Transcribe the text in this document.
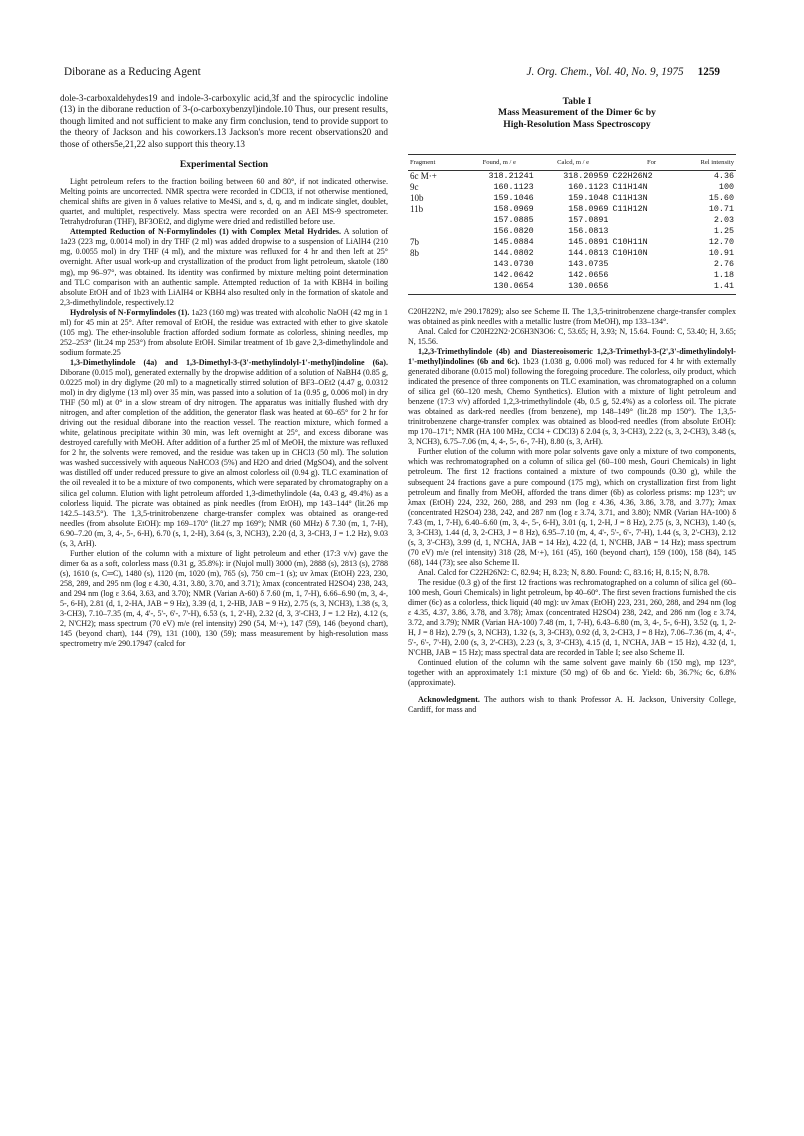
Diborane as a Reducing Agent	J. Org. Chem., Vol. 40, No. 9, 1975 1259

dole-3-carboxaldehydes19 and indole-3-carboxylic acid,3f and the spirocyclic indoline (13) in the diborane reduction of 3-(o-carboxybenzyl)indole.10 Thus, our present results, though limited and not sufficient to make any firm conclusion, tend to provide support to the theory of Jackson and his coworkers.13 Jackson's more recent observations20 and those of others5e,21,22 also support this theory.13

Experimental Section

Light petroleum refers to the fraction boiling between 60 and 80°, if not indicated otherwise. Melting points are uncorrected. NMR spectra were recorded in CDCl3, if not otherwise mentioned, chemical shifts are given in δ values relative to Me4Si, and s, d, q, and m indicate singlet, doublet, quartet, and multiplet, respectively. Mass spectra were recorded on an AEI MS-9 spectrometer. Tetrahydrofuran (THF), BF3OEt2, and diglyme were dried and redistilled before use.

Attempted Reduction of N-Formylindoles (1) with Complex Metal Hydrides. A solution of 1a23 (223 mg, 0.0014 mol) in dry THF (2 ml) was added dropwise to a suspension of LiAlH4 (210 mg, 0.0055 mol) in dry THF (4 ml), and the mixture was refluxed for 4 hr and then left at 25° overnight. After usual work-up and crystallization of the product from light petroleum, skatole (180 mg), mp 96–97°, was obtained. Its identity was confirmed by mixture melting point determination and TLC comparison with an authentic sample. Attempted reduction of 1a with KBH4 in boiling absolute EtOH and of 1b23 with LiAlH4 or KBH4 also resulted only in the formation of skatole and 2,3-dimethylindole, respectively.12

Hydrolysis of N-Formylindoles (1). 1a23 (160 mg) was treated with alcoholic NaOH (42 mg in 1 ml) for 45 min at 25°. After removal of EtOH, the residue was extracted with ether to give skatole (105 mg). The ether-insoluble fraction afforded sodium formate as colorless, shining needles, mp 252–253° (lit.24 mp 253°) from absolute EtOH. Similar treatment of 1b gave 2,3-dimethylindole and sodium formate.25

1,3-Dimethylindole (4a) and 1,3-Dimethyl-3-(3'-methylindolyl-1'-methyl)indoline (6a). Diborane (0.015 mol), generated externally by the dropwise addition of a solution of NaBH4 (0.85 g, 0.0225 mol) in dry diglyme (20 ml) to a magnetically stirred solution of BF3–OEt2 (4.47 g, 0.0312 mol) in dry diglyme (13 ml) over 35 min, was passed into a solution of 1a (0.95 g, 0.006 mol) in dry THF (50 ml) at 0° in a slow stream of dry nitrogen. The apparatus was initially flushed with dry nitrogen, and after completion of the addition, the generator flask was heated at 60–65° for 2 hr for driving out the residual diborane into the reaction vessel. The reaction mixture, which formed a white, gelatinous precipitate within 30 min, was left overnight at 25°, and excess diborane was destroyed carefully with MeOH. After addition of a further 25 ml of MeOH, the mixture was refluxed for 2 hr, the solvents were removed, and the residue was taken up in CHCl3 (50 ml). The solution was washed successively with aqueous NaHCO3 (5%) and H2O and dried (MgSO4), and the solvent was distilled off under reduced pressure to give an almost colorless oil (0.94 g). TLC examination of the oil revealed it to be a mixture of two components, which were separated by chromatography on a silica gel column. Elution with light petroleum afforded 1,3-dimethylindole (4a, 0.43 g, 49.4%) as a colorless liquid. The picrate was obtained as pink needles (from EtOH), mp 143–144° (lit.26 mp 142.5–143.5°). The 1,3,5-trinitrobenzene charge-transfer complex was obtained as orange-red needles (from absolute EtOH): mp 169–170° (lit.27 mp 169°); NMR (60 MHz) δ 7.30 (m, 1, 7-H), 6.90–7.20 (m, 3, 4-, 5-, 6-H), 6.70 (s, 1, 2-H), 3.64 (s, 3, NCH3), 2.20 (d, 3, 3-CH3, J = 1.2 Hz), 9.03 (s, 3, ArH).

Further elution of the column with a mixture of light petroleum and ether (17:3 v/v) gave the dimer 6a as a soft, colorless mass (0.31 g, 35.8%): ir (Nujol mull) 3000 (m), 2888 (s), 2813 (s), 2788 (s), 1610 (s, C═C), 1480 (s), 1120 (m, 1020 (m), 765 (s), 750 cm−1 (s); uv λmax (EtOH) 223, 230, 258, 289, and 295 nm (log ε 4.30, 4.31, 3.80, 3.70, and 3.71); λmax (concentrated H2SO4) 238, 243, and 294 nm (log ε 3.64, 3.63, and 3.70); NMR (Varian A-60) δ 7.60 (m, 1, 7-H), 6.66–6.90 (m, 3, 4-, 5-, 6-H), 2.81 (d, 1, 2-HA, JAB = 9 Hz), 3.39 (d, 1, 2-HB, JAB = 9 Hz), 2.75 (s, 3, NCH3), 1.38 (s, 3, 3-CH3), 7.10–7.35 (m, 4, 4'-, 5'-, 6'-, 7'-H), 6.53 (s, 1, 2'-H), 2.32 (d, 3, 3'-CH3, J = 1.2 Hz), 4.12 (s, 2, N'CH2); mass spectrum (70 eV) m/e (rel intensity) 290 (54, M·+), 147 (59), 146 (beyond chart), 145 (beyond chart), 144 (79), 131 (100), 130 (59); mass measurement by high-resolution mass spectrometry m/e 290.17947 (calcd for

Table I

Mass Measurement of the Dimer 6c by

High-Resolution Mass Spectroscopy

Fragment	Found, m / e	Calcd, m / e	For	Rel intensity
6c M·+	318.21241	318.20959	C22H26N2	4.36
9c	160.1123	160.1123	C11H14N	100
10b	159.1046	159.1048	C11H13N	15.60
11b	158.0969	158.0969	C11H12N	10.71
	157.0885	157.0891		2.03
	156.0820	156.0813		1.25
7b	145.0884	145.0891	C10H11N	12.70
8b	144.0802	144.0813	C10H10N	10.91
	143.0730	143.0735		2.76
	142.0642	142.0656		1.18
	130.0654	130.0656		1.41

C20H22N2, m/e 290.17829); also see Scheme II. The 1,3,5-trinitrobenzene charge-transfer complex was obtained as pink needles with a metallic lustre (from MeOH), mp 133–134°.

Anal. Calcd for C20H22N2·2C6H3N3O6: C, 53.65; H, 3.93; N, 15.64. Found: C, 53.40; H, 3.65; N, 15.56.

1,2,3-Trimethylindole (4b) and Diastereoisomeric 1,2,3-Trimethyl-3-(2',3'-dimethylindolyl-1'-methyl)indolines (6b and 6c). 1b23 (1.038 g, 0.006 mol) was reduced for 4 hr with externally generated diborane (0.015 mol) following the foregoing procedure. The colorless, oily product, which indicated the presence of three components on TLC examination, was chromatographed on a column of silica gel (60–120 mesh, Chemo Synthetics). Elution with a mixture of light petroleum and benzene (17:3 v/v) afforded 1,2,3-trimethylindole (4b, 0.5 g, 52.4%) as a colorless oil. The picrate was obtained as dark-red needles (from benzene), mp 148–149° (lit.28 mp 150°). The 1,3,5-trinitrobenzene charge-transfer complex was obtained as blood-red needles (from absolute EtOH): mp 170–171°; NMR (HA 100 MHz, CCl4 + CDCl3) δ 2.04 (s, 3, 3-CH3), 2.22 (s, 3, 2-CH3), 3.48 (s, 3, NCH3), 6.75–7.06 (m, 4, 4-, 5-, 6-, 7-H), 8.80 (s, 3, ArH).

Further elution of the column with more polar solvents gave only a mixture of two components, which was rechromatographed on a column of silica gel (60–100 mesh, Gouri Chemicals) in light petroleum. The first 12 fractions contained a mixture of two compounds (0.30 g), while the subsequent 24 fractions gave a pure compound (175 mg), which on crystallization first from light petroleum and finally from MeOH, afforded the trans dimer (6b) as colorless prisms: mp 123°; uv λmax (EtOH) 224, 232, 260, 288, and 293 nm (log ε 4.36, 4.36, 3.86, 3.78, and 3.77); λmax (concentrated H2SO4) 238, 242, and 287 nm (log ε 3.74, 3.71, and 3.80); NMR (Varian HA-100) δ 7.43 (m, 1, 7-H), 6.40–6.60 (m, 3, 4-, 5-, 6-H), 3.01 (q, 1, 2-H, J = 8 Hz), 2.75 (s, 3, NCH3), 1.40 (s, 3, 3-CH3), 1.44 (d, 3, 2-CH3, J = 8 Hz), 6.95–7.10 (m, 4, 4'-, 5'-, 6'-, 7'-H), 1.44 (s, 3, 2'-CH3), 2.12 (s, 3, 3'-CH3), 3.99 (d, 1, N'CHA, JAB = 14 Hz), 4.22 (d, 1, N'CHB, JAB = 14 Hz); mass spectrum (70 eV) m/e (rel intensity) 318 (28, M·+), 161 (45), 160 (beyond chart), 159 (100), 158 (84), 145 (68), 144 (73); see also Scheme II.

Anal. Calcd for C22H26N2: C, 82.94; H, 8.23; N, 8.80. Found: C, 83.16; H, 8.15; N, 8.78.

The residue (0.3 g) of the first 12 fractions was rechromatographed on a column of silica gel (60–100 mesh, Gouri Chemicals) in light petroleum, bp 40–60°. The first seven fractions furnished the cis dimer (6c) as a colorless, thick liquid (40 mg): uv λmax (EtOH) 223, 231, 260, 288, and 294 nm (log ε 4.35, 4.37, 3.86, 3.78, and 3.78); λmax (concentrated H2SO4) 238, 242, and 286 nm (log ε 3.74, 3.72, and 3.79); NMR (Varian HA-100) 7.48 (m, 1, 7-H), 6.43–6.80 (m, 3, 4-, 5-, 6-H), 3.52 (q, 1, 2-H, J = 8 Hz), 2.79 (s, 3, NCH3), 1.32 (s, 3, 3-CH3), 0.92 (d, 3, 2-CH3, J = 8 Hz), 7.06–7.36 (m, 4, 4'-, 5'-, 6'-, 7'-H), 2.00 (s, 3, 2'-CH3), 2.23 (s, 3, 3'-CH3), 4.15 (d, 1, N'CHA, JAB = 15 Hz), 4.32 (d, 1, N'CHB, JAB = 15 Hz); mass spectral data are recorded in Table I; see also Scheme II.

Continued elution of the column wih the same solvent gave mainly 6b (150 mg), mp 123°, together with an approximately 1:1 mixture (50 mg) of 6b and 6c. Yield: 6b, 36.7%; 6c, 6.8% (approximate).

Acknowledgment. The authors wish to thank Professor A. H. Jackson, University College, Cardiff, for mass and
